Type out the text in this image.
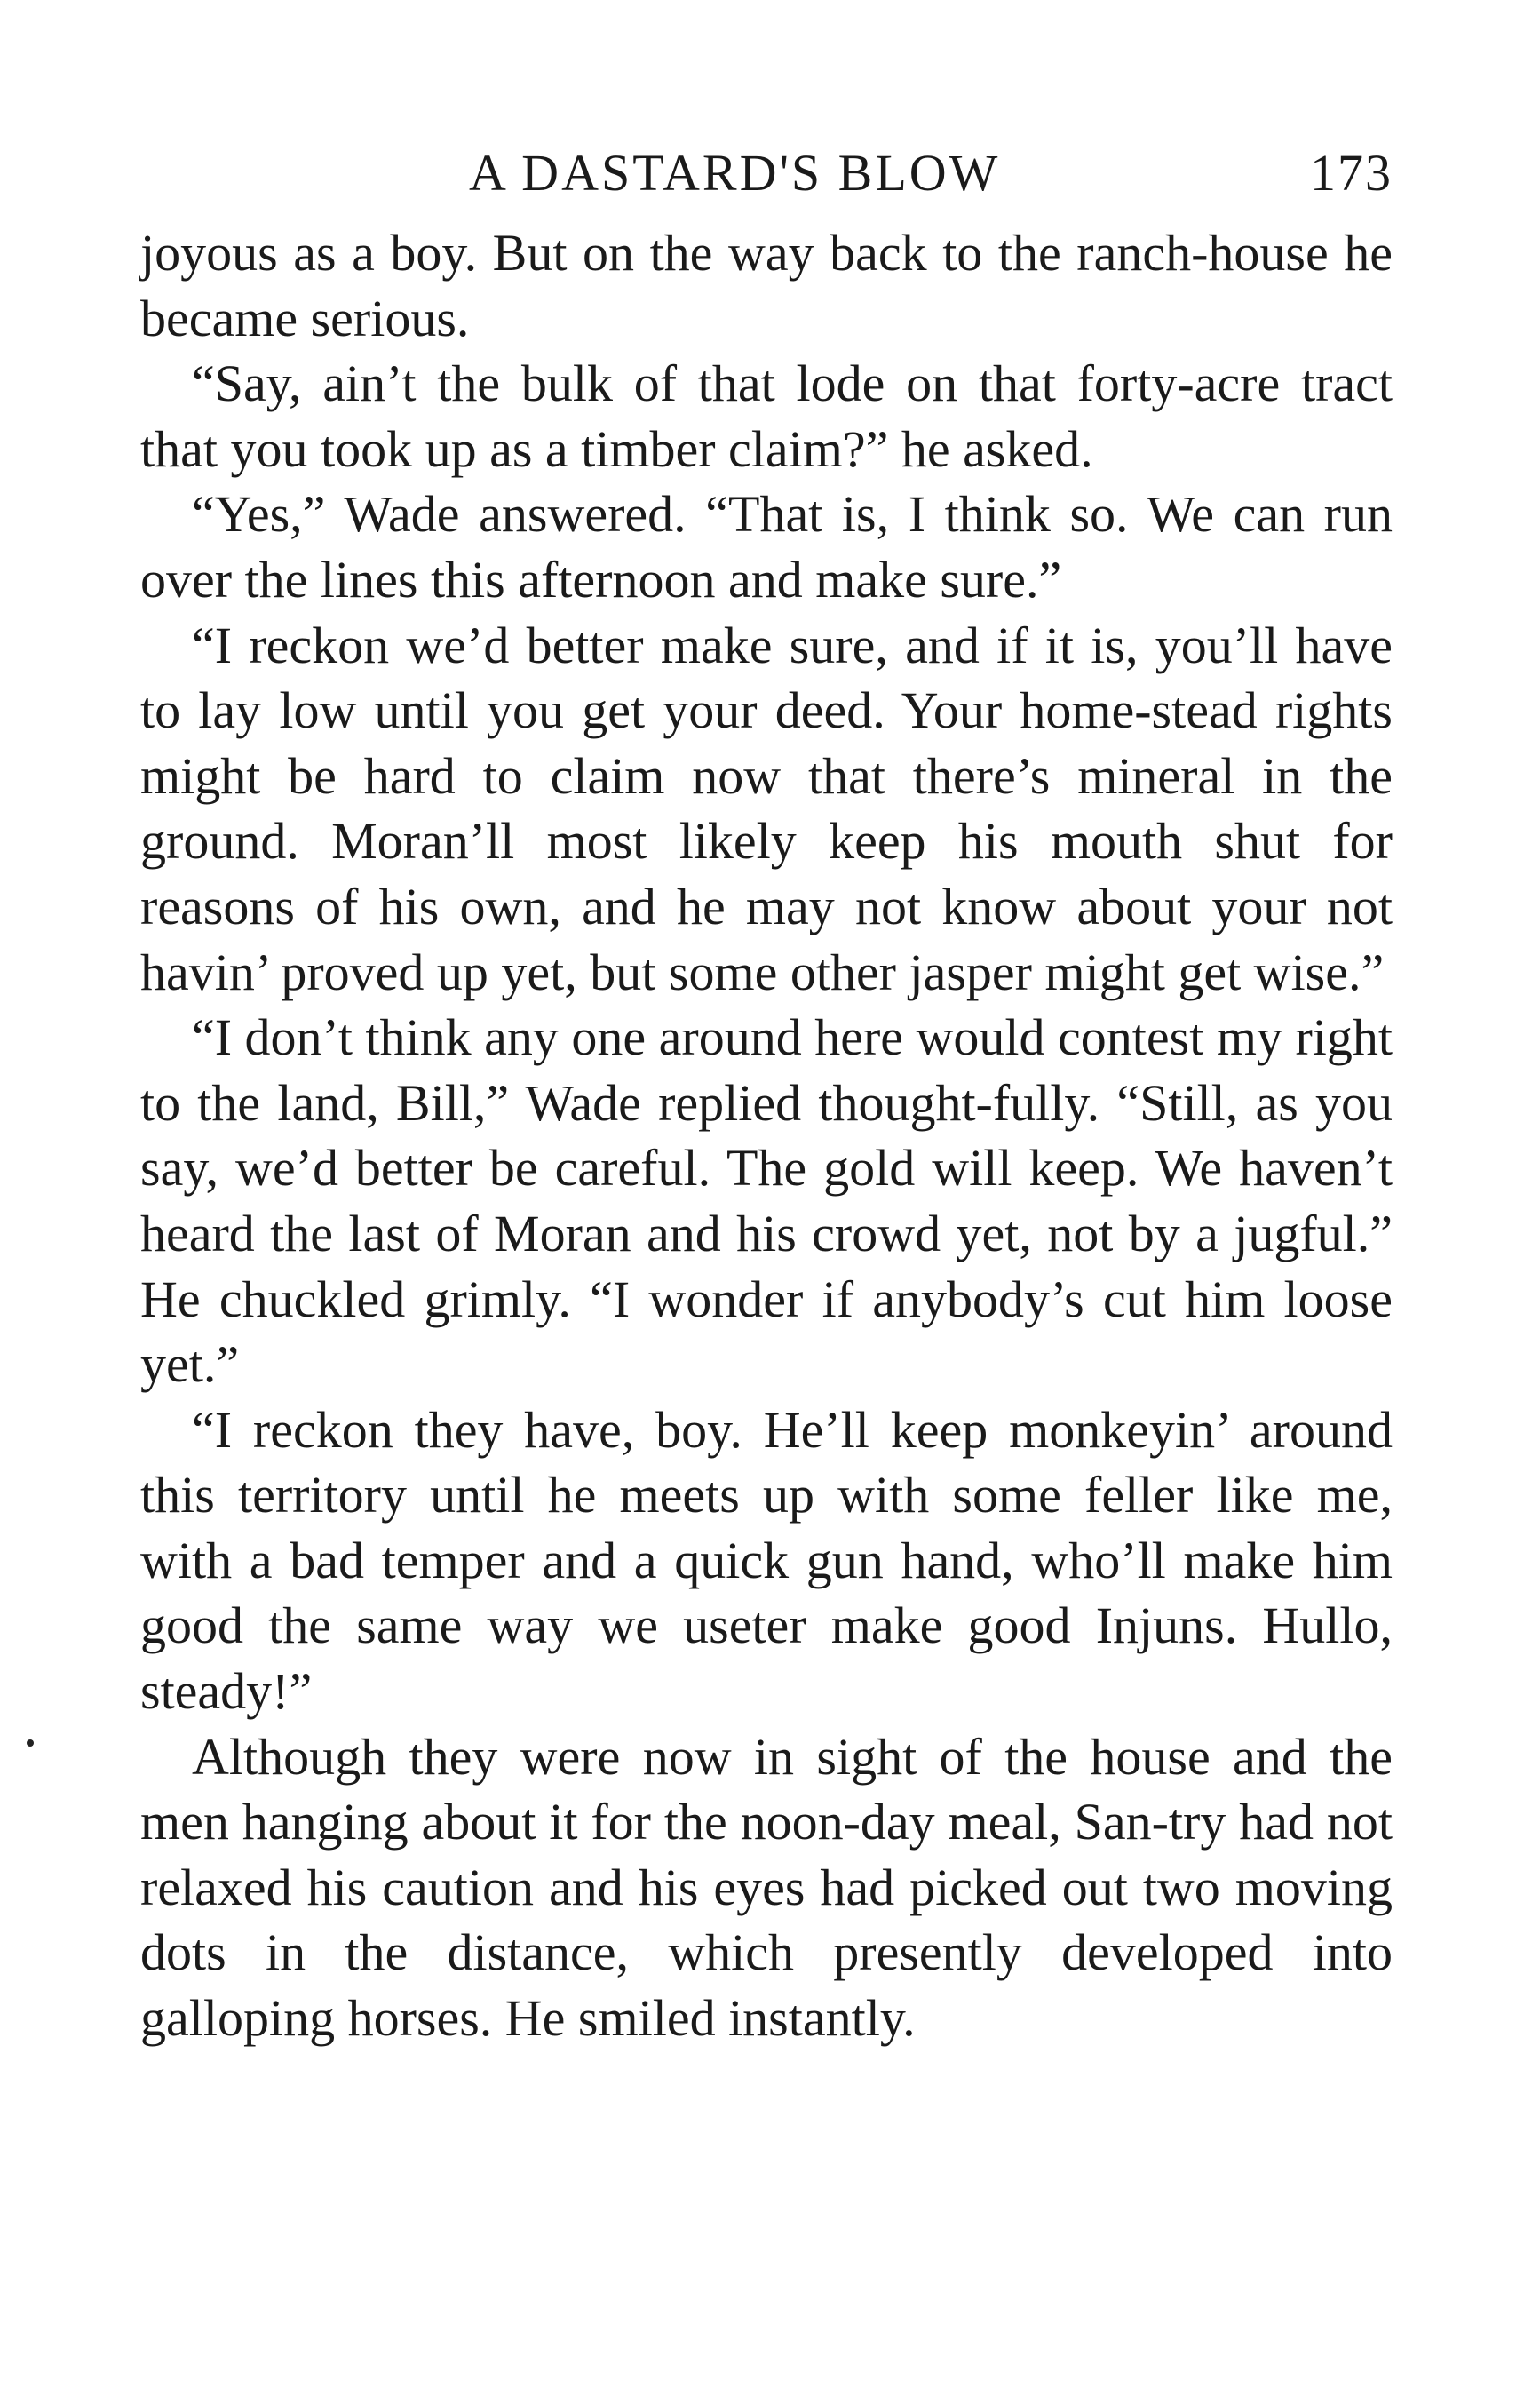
A DASTARD'S BLOW	173

joyous as a boy. But on the way back to the ranch-house he became serious.

“Say, ain’t the bulk of that lode on that forty-acre tract that you took up as a timber claim?” he asked.

“Yes,” Wade answered. “That is, I think so. We can run over the lines this afternoon and make sure.”

“I reckon we’d better make sure, and if it is, you’ll have to lay low until you get your deed. Your home-stead rights might be hard to claim now that there’s mineral in the ground. Moran’ll most likely keep his mouth shut for reasons of his own, and he may not know about your not havin’ proved up yet, but some other jasper might get wise.”

“I don’t think any one around here would contest my right to the land, Bill,” Wade replied thought-fully. “Still, as you say, we’d better be careful. The gold will keep. We haven’t heard the last of Moran and his crowd yet, not by a jugful.” He chuckled grimly. “I wonder if anybody’s cut him loose yet.”

“I reckon they have, boy. He’ll keep monkeyin’ around this territory until he meets up with some feller like me, with a bad temper and a quick gun hand, who’ll make him good the same way we useter make good Injuns. Hullo, steady!”

Although they were now in sight of the house and the men hanging about it for the noon-day meal, San-try had not relaxed his caution and his eyes had picked out two moving dots in the distance, which presently developed into galloping horses. He smiled instantly.
